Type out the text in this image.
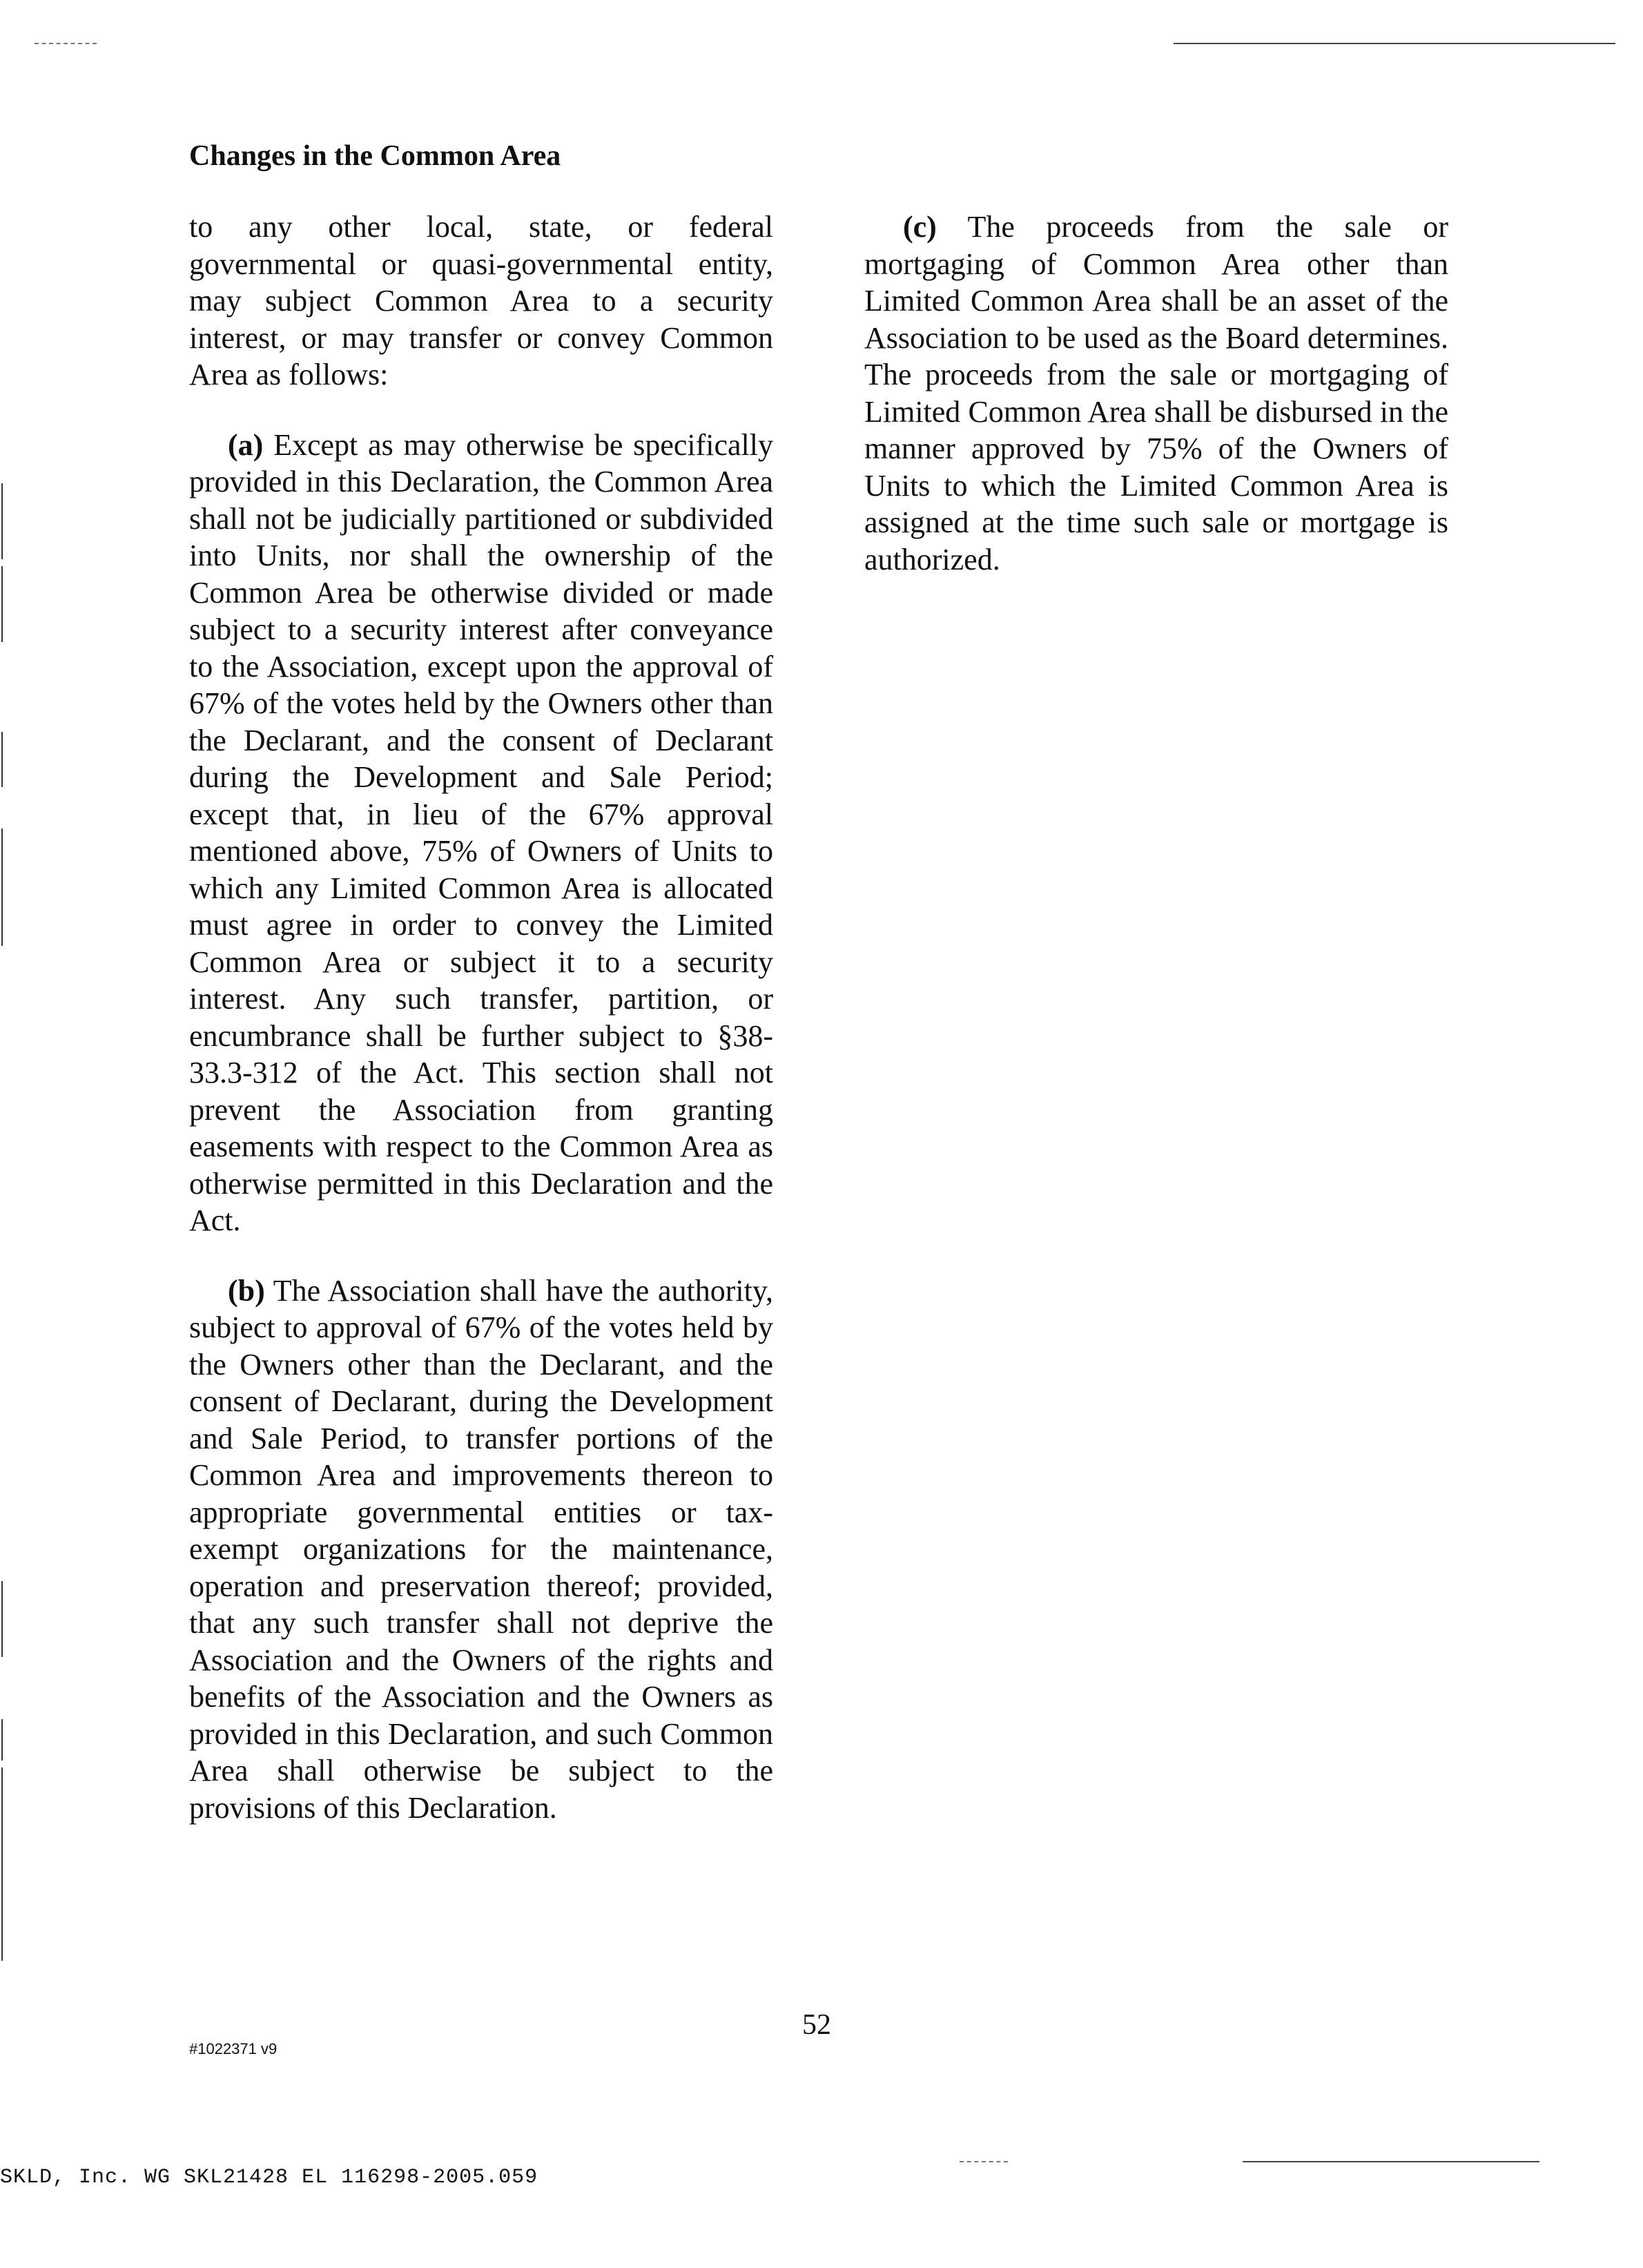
Changes in the Common Area

to any other local, state, or federal governmental or quasi-governmental entity, may subject Common Area to a security interest, or may transfer or convey Common Area as follows:

(a) Except as may otherwise be specifically provided in this Declaration, the Common Area shall not be judicially partitioned or subdivided into Units, nor shall the ownership of the Common Area be otherwise divided or made subject to a security interest after conveyance to the Association, except upon the approval of 67% of the votes held by the Owners other than the Declarant, and the consent of Declarant during the Development and Sale Period; except that, in lieu of the 67% approval mentioned above, 75% of Owners of Units to which any Limited Common Area is allocated must agree in order to convey the Limited Common Area or subject it to a security interest. Any such transfer, partition, or encumbrance shall be further subject to §38-33.3-312 of the Act. This section shall not prevent the Association from granting easements with respect to the Common Area as otherwise permitted in this Declaration and the Act.

(b) The Association shall have the authority, subject to approval of 67% of the votes held by the Owners other than the Declarant, and the consent of Declarant, during the Development and Sale Period, to transfer portions of the Common Area and improvements thereon to appropriate governmental entities or tax-exempt organizations for the maintenance, operation and preservation thereof; provided, that any such transfer shall not deprive the Association and the Owners of the rights and benefits of the Association and the Owners as provided in this Declaration, and such Common Area shall otherwise be subject to the provisions of this Declaration.

(c) The proceeds from the sale or mortgaging of Common Area other than Limited Common Area shall be an asset of the Association to be used as the Board determines. The proceeds from the sale or mortgaging of Limited Common Area shall be disbursed in the manner approved by 75% of the Owners of Units to which the Limited Common Area is assigned at the time such sale or mortgage is authorized.

52
#1022371 v9
SKLD, Inc. WG SKL21428 EL 116298-2005.059
